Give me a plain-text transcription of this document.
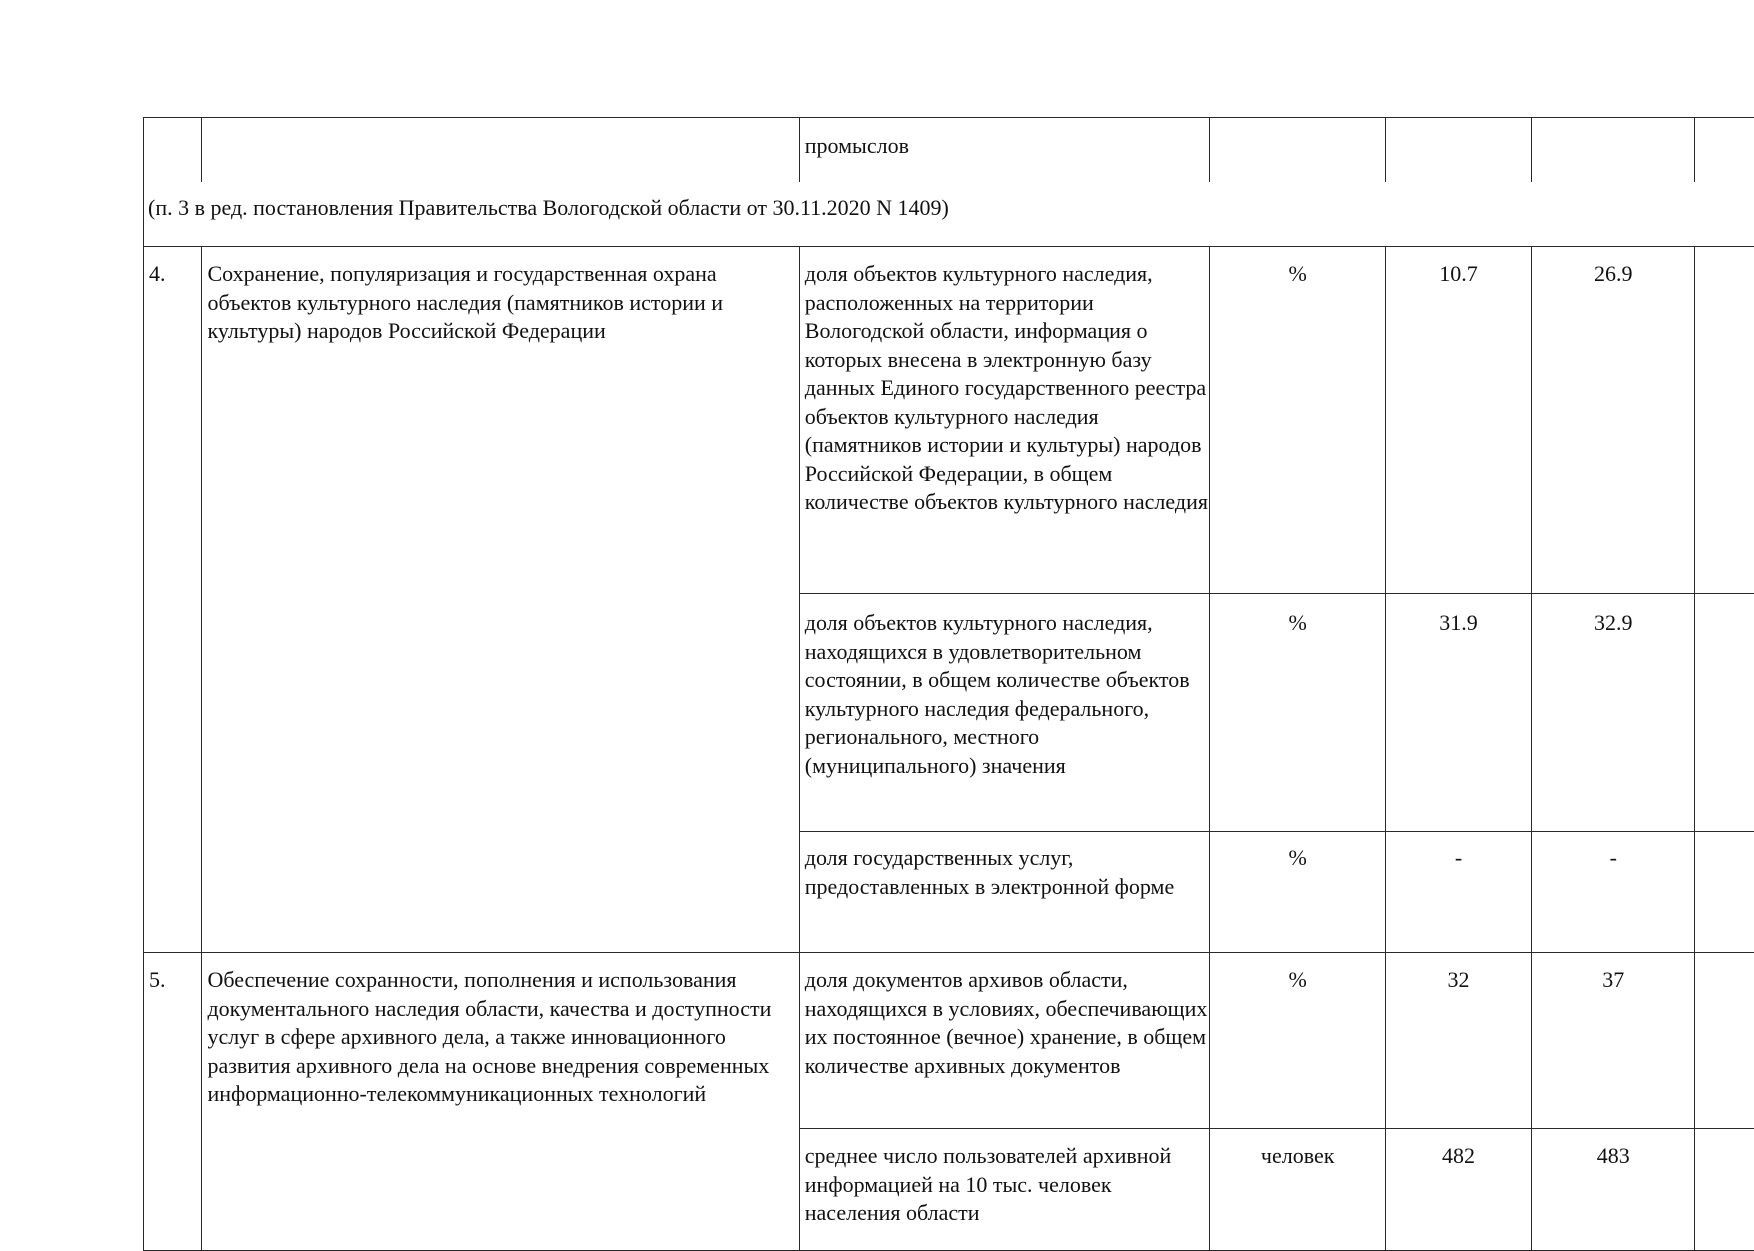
		промыслов				
(п. 3 в ред. постановления Правительства Вологодской области от 30.11.2020 N 1409)						
4.	Сохранение, популяризация и государственная охрана объектов культурного наследия (памятников истории и культуры) народов Российской Федерации	доля объектов культурного наследия, расположенных на территории Вологодской области, информация о которых внесена в электронную базу данных Единого государственного реестра объектов культурного наследия (памятников истории и культуры) народов Российской Федерации, в общем количестве объектов культурного наследия	%	10.7	26.9	
		доля объектов культурного наследия, находящихся в удовлетворительном состоянии, в общем количестве объектов культурного наследия федерального, регионального, местного (муниципального) значения	%	31.9	32.9	
		доля государственных услуг, предоставленных в электронной форме	%	-	-	
5.	Обеспечение сохранности, пополнения и использования документального наследия области, качества и доступности услуг в сфере архивного дела, а также инновационного развития архивного дела на основе внедрения современных информационно-телекоммуникационных технологий	доля документов архивов области, находящихся в условиях, обеспечивающих их постоянное (вечное) хранение, в общем количестве архивных документов	%	32	37	
		среднее число пользователей архивной информацией на 10 тыс. человек населения области	человек	482	483	
